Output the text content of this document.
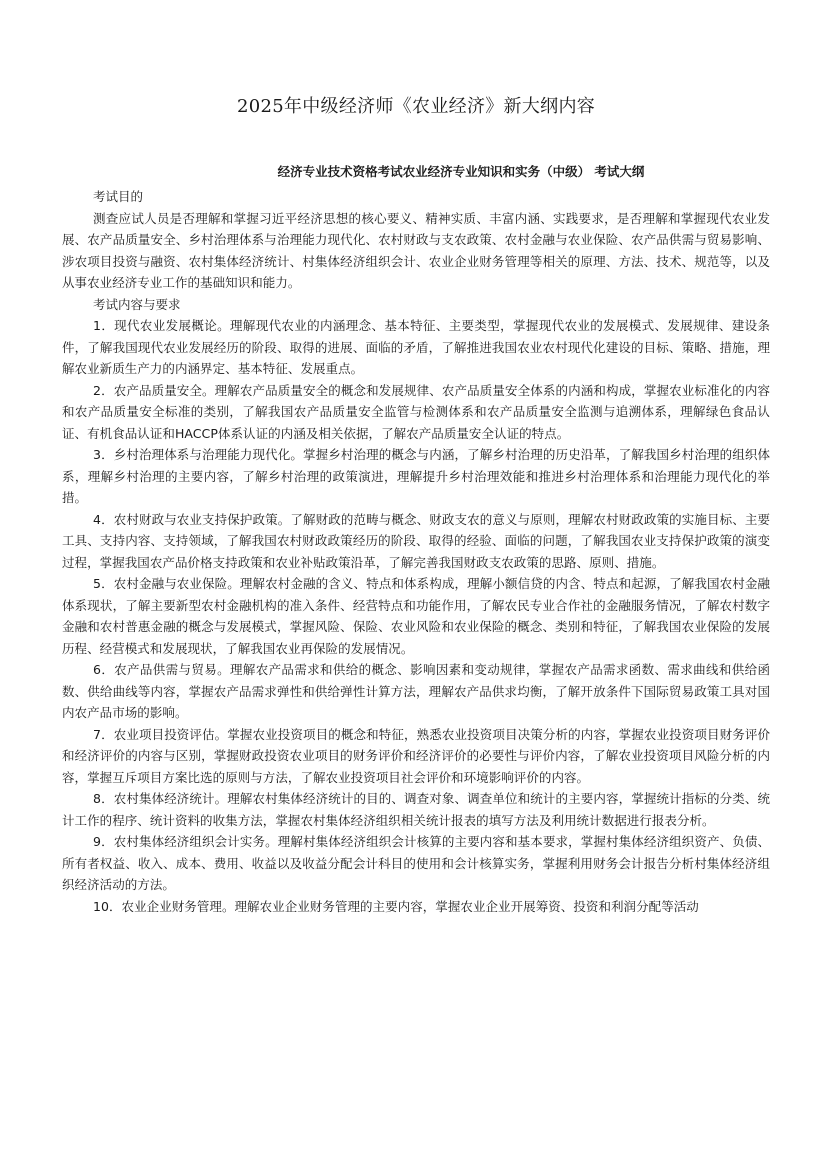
2025年中级经济师《农业经济》新大纲内容
经济专业技术资格考试农业经济专业知识和实务（中级） 考试大纲

考试目的

测查应试人员是否理解和掌握习近平经济思想的核心要义、精神实质、丰富内涵、实践要求，是否理解和掌握现代农业发展、农产品质量安全、乡村治理体系与治理能力现代化、农村财政与支农政策、农村金融与农业保险、农产品供需与贸易影响、涉农项目投资与融资、农村集体经济统计、村集体经济组织会计、农业企业财务管理等相关的原理、方法、技术、规范等，以及从事农业经济专业工作的基础知识和能力。

考试内容与要求

1．现代农业发展概论。理解现代农业的内涵理念、基本特征、主要类型，掌握现代农业的发展模式、发展规律、建设条件，了解我国现代农业发展经历的阶段、取得的进展、面临的矛盾，了解推进我国农业农村现代化建设的目标、策略、措施，理解农业新质生产力的内涵界定、基本特征、发展重点。

2．农产品质量安全。理解农产品质量安全的概念和发展规律、农产品质量安全体系的内涵和构成，掌握农业标准化的内容和农产品质量安全标准的类别，了解我国农产品质量安全监管与检测体系和农产品质量安全监测与追溯体系，理解绿色食品认证、有机食品认证和HACCP体系认证的内涵及相关依据，了解农产品质量安全认证的特点。

3．乡村治理体系与治理能力现代化。掌握乡村治理的概念与内涵，了解乡村治理的历史沿革，了解我国乡村治理的组织体系，理解乡村治理的主要内容，了解乡村治理的政策演进，理解提升乡村治理效能和推进乡村治理体系和治理能力现代化的举措。

4．农村财政与农业支持保护政策。了解财政的范畴与概念、财政支农的意义与原则，理解农村财政政策的实施目标、主要工具、支持内容、支持领域，了解我国农村财政政策经历的阶段、取得的经验、面临的问题，了解我国农业支持保护政策的演变过程，掌握我国农产品价格支持政策和农业补贴政策沿革，了解完善我国财政支农政策的思路、原则、措施。

5．农村金融与农业保险。理解农村金融的含义、特点和体系构成，理解小额信贷的内含、特点和起源，了解我国农村金融体系现状，了解主要新型农村金融机构的准入条件、经营特点和功能作用，了解农民专业合作社的金融服务情况，了解农村数字金融和农村普惠金融的概念与发展模式，掌握风险、保险、农业风险和农业保险的概念、类别和特征，了解我国农业保险的发展历程、经营模式和发展现状，了解我国农业再保险的发展情况。

6．农产品供需与贸易。理解农产品需求和供给的概念、影响因素和变动规律，掌握农产品需求函数、需求曲线和供给函数、供给曲线等内容，掌握农产品需求弹性和供给弹性计算方法，理解农产品供求均衡，了解开放条件下国际贸易政策工具对国内农产品市场的影响。

7．农业项目投资评估。掌握农业投资项目的概念和特征，熟悉农业投资项目决策分析的内容，掌握农业投资项目财务评价和经济评价的内容与区别，掌握财政投资农业项目的财务评价和经济评价的必要性与评价内容，了解农业投资项目风险分析的内容，掌握互斥项目方案比选的原则与方法，了解农业投资项目社会评价和环境影响评价的内容。

8．农村集体经济统计。理解农村集体经济统计的目的、调查对象、调查单位和统计的主要内容，掌握统计指标的分类、统计工作的程序、统计资料的收集方法，掌握农村集体经济组织相关统计报表的填写方法及利用统计数据进行报表分析。

9．农村集体经济组织会计实务。理解村集体经济组织会计核算的主要内容和基本要求，掌握村集体经济组织资产、负债、所有者权益、收入、成本、费用、收益以及收益分配会计科目的使用和会计核算实务，掌握利用财务会计报告分析村集体经济组织经济活动的方法。

10．农业企业财务管理。理解农业企业财务管理的主要内容，掌握农业企业开展筹资、投资和利润分配等活动
